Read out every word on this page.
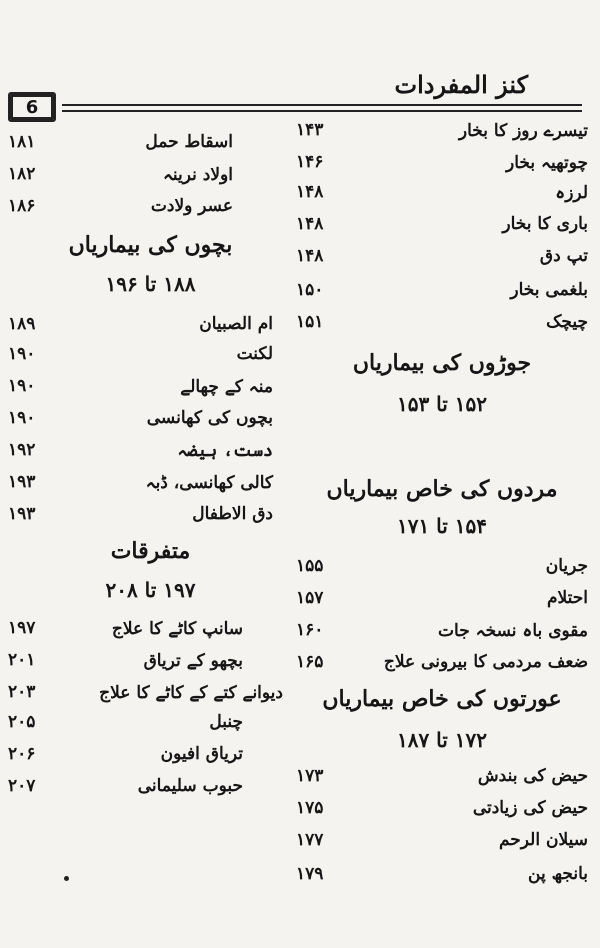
کنز المفردات
6
تیسرے روز کا بخار
۱۴۳
چوتھیہ بخار
۱۴۶
لرزہ
۱۴۸
باری کا بخار
۱۴۸
تپ دق
۱۴۸
بلغمی بخار
۱۵۰
چیچک
۱۵۱
جوڑوں کی بیماریاں
۱۵۲ تا ۱۵۳
مردوں کی خاص بیماریاں
۱۵۴ تا ۱۷۱
جریان
۱۵۵
احتلام
۱۵۷
مقوی باہ نسخہ جات
۱۶۰
ضعف مردمی کا بیرونی علاج
۱۶۵
عورتوں کی خاص بیماریاں
۱۷۲ تا ۱۸۷
حیض کی بندش
۱۷۳
حیض کی زیادتی
۱۷۵
سیلان الرحم
۱۷۷
بانجھ پن
۱۷۹
اسقاط حمل
۱۸۱
اولاد نرینہ
۱۸۲
عسر ولادت
۱۸۶
بچوں کی بیماریاں
۱۸۸ تا ۱۹۶
ام الصبیان
۱۸۹
لکنت
۱۹۰
منہ کے چھالے
۱۹۰
بچوں کی کھانسی
۱۹۰
دست، ہیضہ
۱۹۲
کالی کھانسی، ڈبہ
۱۹۳
دق الاطفال
۱۹۳
متفرقات
۱۹۷ تا ۲۰۸
سانپ کاٹے کا علاج
۱۹۷
بچھو کے تریاق
۲۰۱
دیوانے کتے کے کاٹے کا علاج
۲۰۳
چنبل
۲۰۵
تریاق افیون
۲۰۶
حبوب سلیمانی
۲۰۷
